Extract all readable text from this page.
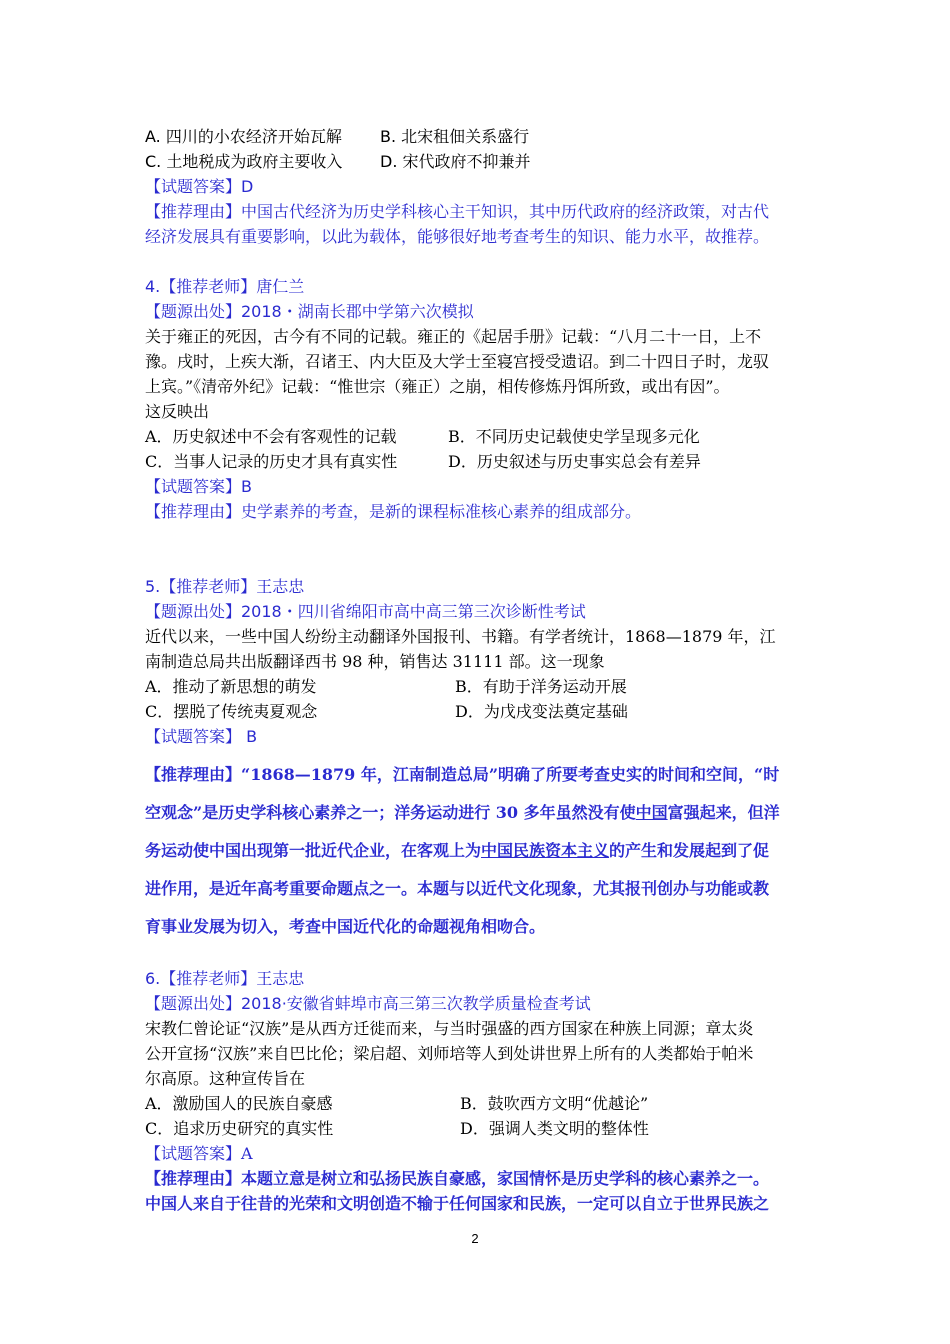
A. 四川的小农经济开始瓦解 B. 北宋租佃关系盛行
C. 土地税成为政府主要收入 D. 宋代政府不抑兼并
【试题答案】D
【推荐理由】中国古代经济为历史学科核心主干知识，其中历代政府的经济政策，对古代
经济发展具有重要影响，以此为载体，能够很好地考查考生的知识、能力水平，故推荐。
4.【推荐老师】唐仁兰
【题源出处】2018・湖南长郡中学第六次模拟
关于雍正的死因，古今有不同的记载。雍正的《起居手册》记载：“八月二十一日，上不
豫。戌时，上疾大渐，召诸王、内大臣及大学士至寝宫授受遗诏。到二十四日子时，龙驭
上宾。”《清帝外纪》记载：“惟世宗（雍正）之崩，相传修炼丹饵所致，或出有因”。
这反映出
A．历史叙述中不会有客观性的记载	B．不同历史记载使史学呈现多元化
C．当事人记录的历史才具有真实性	D．历史叙述与历史事实总会有差异
【试题答案】B
【推荐理由】史学素养的考查，是新的课程标准核心素养的组成部分。
5.【推荐老师】王志忠
【题源出处】2018・四川省绵阳市高中高三第三次诊断性考试
近代以来，一些中国人纷纷主动翻译外国报刊、书籍。有学者统计，1868—1879 年，江
南制造总局共出版翻译西书 98 种，销售达 31111 部。这一现象
A．推动了新思想的萌发	B．有助于洋务运动开展
C．摆脱了传统夷夏观念	D．为戊戌变法奠定基础
【试题答案】 B
【推荐理由】“1868—1879 年，江南制造总局”明确了所要考查史实的时间和空间，“时
空观念”是历史学科核心素养之一；洋务运动进行 30 多年虽然没有使中国富强起来，但洋
务运动使中国出现第一批近代企业，在客观上为中国民族资本主义的产生和发展起到了促
进作用，是近年高考重要命题点之一。本题与以近代文化现象，尤其报刊创办与功能或教
育事业发展为切入，考查中国近代化的命题视角相吻合。
6.【推荐老师】王志忠
【题源出处】2018·安徽省蚌埠市高三第三次教学质量检查考试
宋教仁曾论证“汉族”是从西方迁徙而来，与当时强盛的西方国家在种族上同源；章太炎
公开宣扬“汉族”来自巴比伦；梁启超、刘师培等人到处讲世界上所有的人类都始于帕米
尔高原。这种宣传旨在
A．激励国人的民族自豪感	B．鼓吹西方文明“优越论”
C．追求历史研究的真实性	D．强调人类文明的整体性
【试题答案】A
【推荐理由】本题立意是树立和弘扬民族自豪感，家国情怀是历史学科的核心素养之一。
中国人来自于往昔的光荣和文明创造不输于任何国家和民族，一定可以自立于世界民族之
2
